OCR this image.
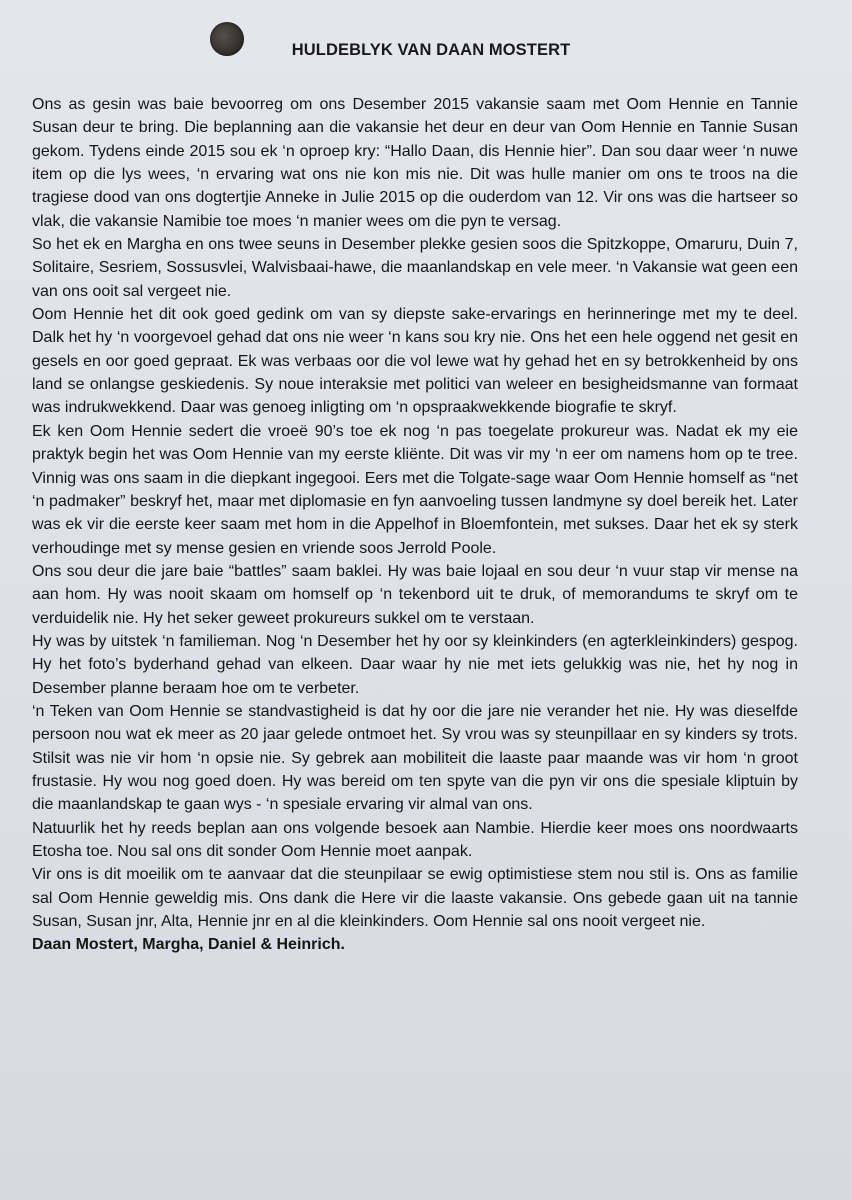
HULDEBLYK VAN DAAN MOSTERT

Ons as gesin was baie bevoorreg om ons Desember 2015 vakansie saam met Oom Hennie en Tannie Susan deur te bring. Die beplanning aan die vakansie het deur en deur van Oom Hennie en Tannie Susan gekom. Tydens einde 2015 sou ek ‘n oproep kry: “Hallo Daan, dis Hennie hier”. Dan sou daar weer ‘n nuwe item op die lys wees, ‘n ervaring wat ons nie kon mis nie. Dit was hulle manier om ons te troos na die tragiese dood van ons dogtertjie Anneke in Julie 2015 op die ouderdom van 12. Vir ons was die hartseer so vlak, die vakansie Namibie toe moes ‘n manier wees om die pyn te versag.

So het ek en Margha en ons twee seuns in Desember plekke gesien soos die Spitzkoppe, Omaruru, Duin 7, Solitaire, Sesriem, Sossusvlei, Walvisbaai-hawe, die maanlandskap en vele meer. ‘n Vakansie wat geen een van ons ooit sal vergeet nie.

Oom Hennie het dit ook goed gedink om van sy diepste sake-ervarings en herinneringe met my te deel. Dalk het hy ‘n voorgevoel gehad dat ons nie weer ‘n kans sou kry nie. Ons het een hele oggend net gesit en gesels en oor goed gepraat. Ek was verbaas oor die vol lewe wat hy gehad het en sy betrokkenheid by ons land se onlangse geskiedenis. Sy noue interaksie met politici van weleer en besigheidsmanne van formaat was indrukwekkend. Daar was genoeg inligting om ‘n opspraakwekkende biografie te skryf.

Ek ken Oom Hennie sedert die vroeë 90’s toe ek nog ‘n pas toegelate prokureur was. Nadat ek my eie praktyk begin het was Oom Hennie van my eerste kliënte. Dit was vir my ‘n eer om namens hom op te tree. Vinnig was ons saam in die diepkant ingegooi. Eers met die Tolgate-sage waar Oom Hennie homself as “net ‘n padmaker” beskryf het, maar met diplomasie en fyn aanvoeling tussen landmyne sy doel bereik het. Later was ek vir die eerste keer saam met hom in die Appelhof in Bloemfontein, met sukses. Daar het ek sy sterk verhoudinge met sy mense gesien en vriende soos Jerrold Poole.

Ons sou deur die jare baie “battles” saam baklei. Hy was baie lojaal en sou deur ‘n vuur stap vir mense na aan hom. Hy was nooit skaam om homself op ‘n tekenbord uit te druk, of memorandums te skryf om te verduidelik nie. Hy het seker geweet prokureurs sukkel om te verstaan.

Hy was by uitstek ‘n familieman. Nog ‘n Desember het hy oor sy kleinkinders (en agterkleinkinders) gespog. Hy het foto’s byderhand gehad van elkeen. Daar waar hy nie met iets gelukkig was nie, het hy nog in Desember planne beraam hoe om te verbeter.

‘n Teken van Oom Hennie se standvastigheid is dat hy oor die jare nie verander het nie. Hy was dieselfde persoon nou wat ek meer as 20 jaar gelede ontmoet het. Sy vrou was sy steunpillaar en sy kinders sy trots. Stilsit was nie vir hom ‘n opsie nie. Sy gebrek aan mobiliteit die laaste paar maande was vir hom ‘n groot frustasie. Hy wou nog goed doen. Hy was bereid om ten spyte van die pyn vir ons die spesiale kliptuin by die maanlandskap te gaan wys - ‘n spesiale ervaring vir almal van ons.

Natuurlik het hy reeds beplan aan ons volgende besoek aan Nambie. Hierdie keer moes ons noordwaarts Etosha toe. Nou sal ons dit sonder Oom Hennie moet aanpak.

Vir ons is dit moeilik om te aanvaar dat die steunpilaar se ewig optimistiese stem nou stil is. Ons as familie sal Oom Hennie geweldig mis. Ons dank die Here vir die laaste vakansie. Ons gebede gaan uit na tannie Susan, Susan jnr, Alta, Hennie jnr en al die kleinkinders. Oom Hennie sal ons nooit vergeet nie.

Daan Mostert, Margha, Daniel & Heinrich.
